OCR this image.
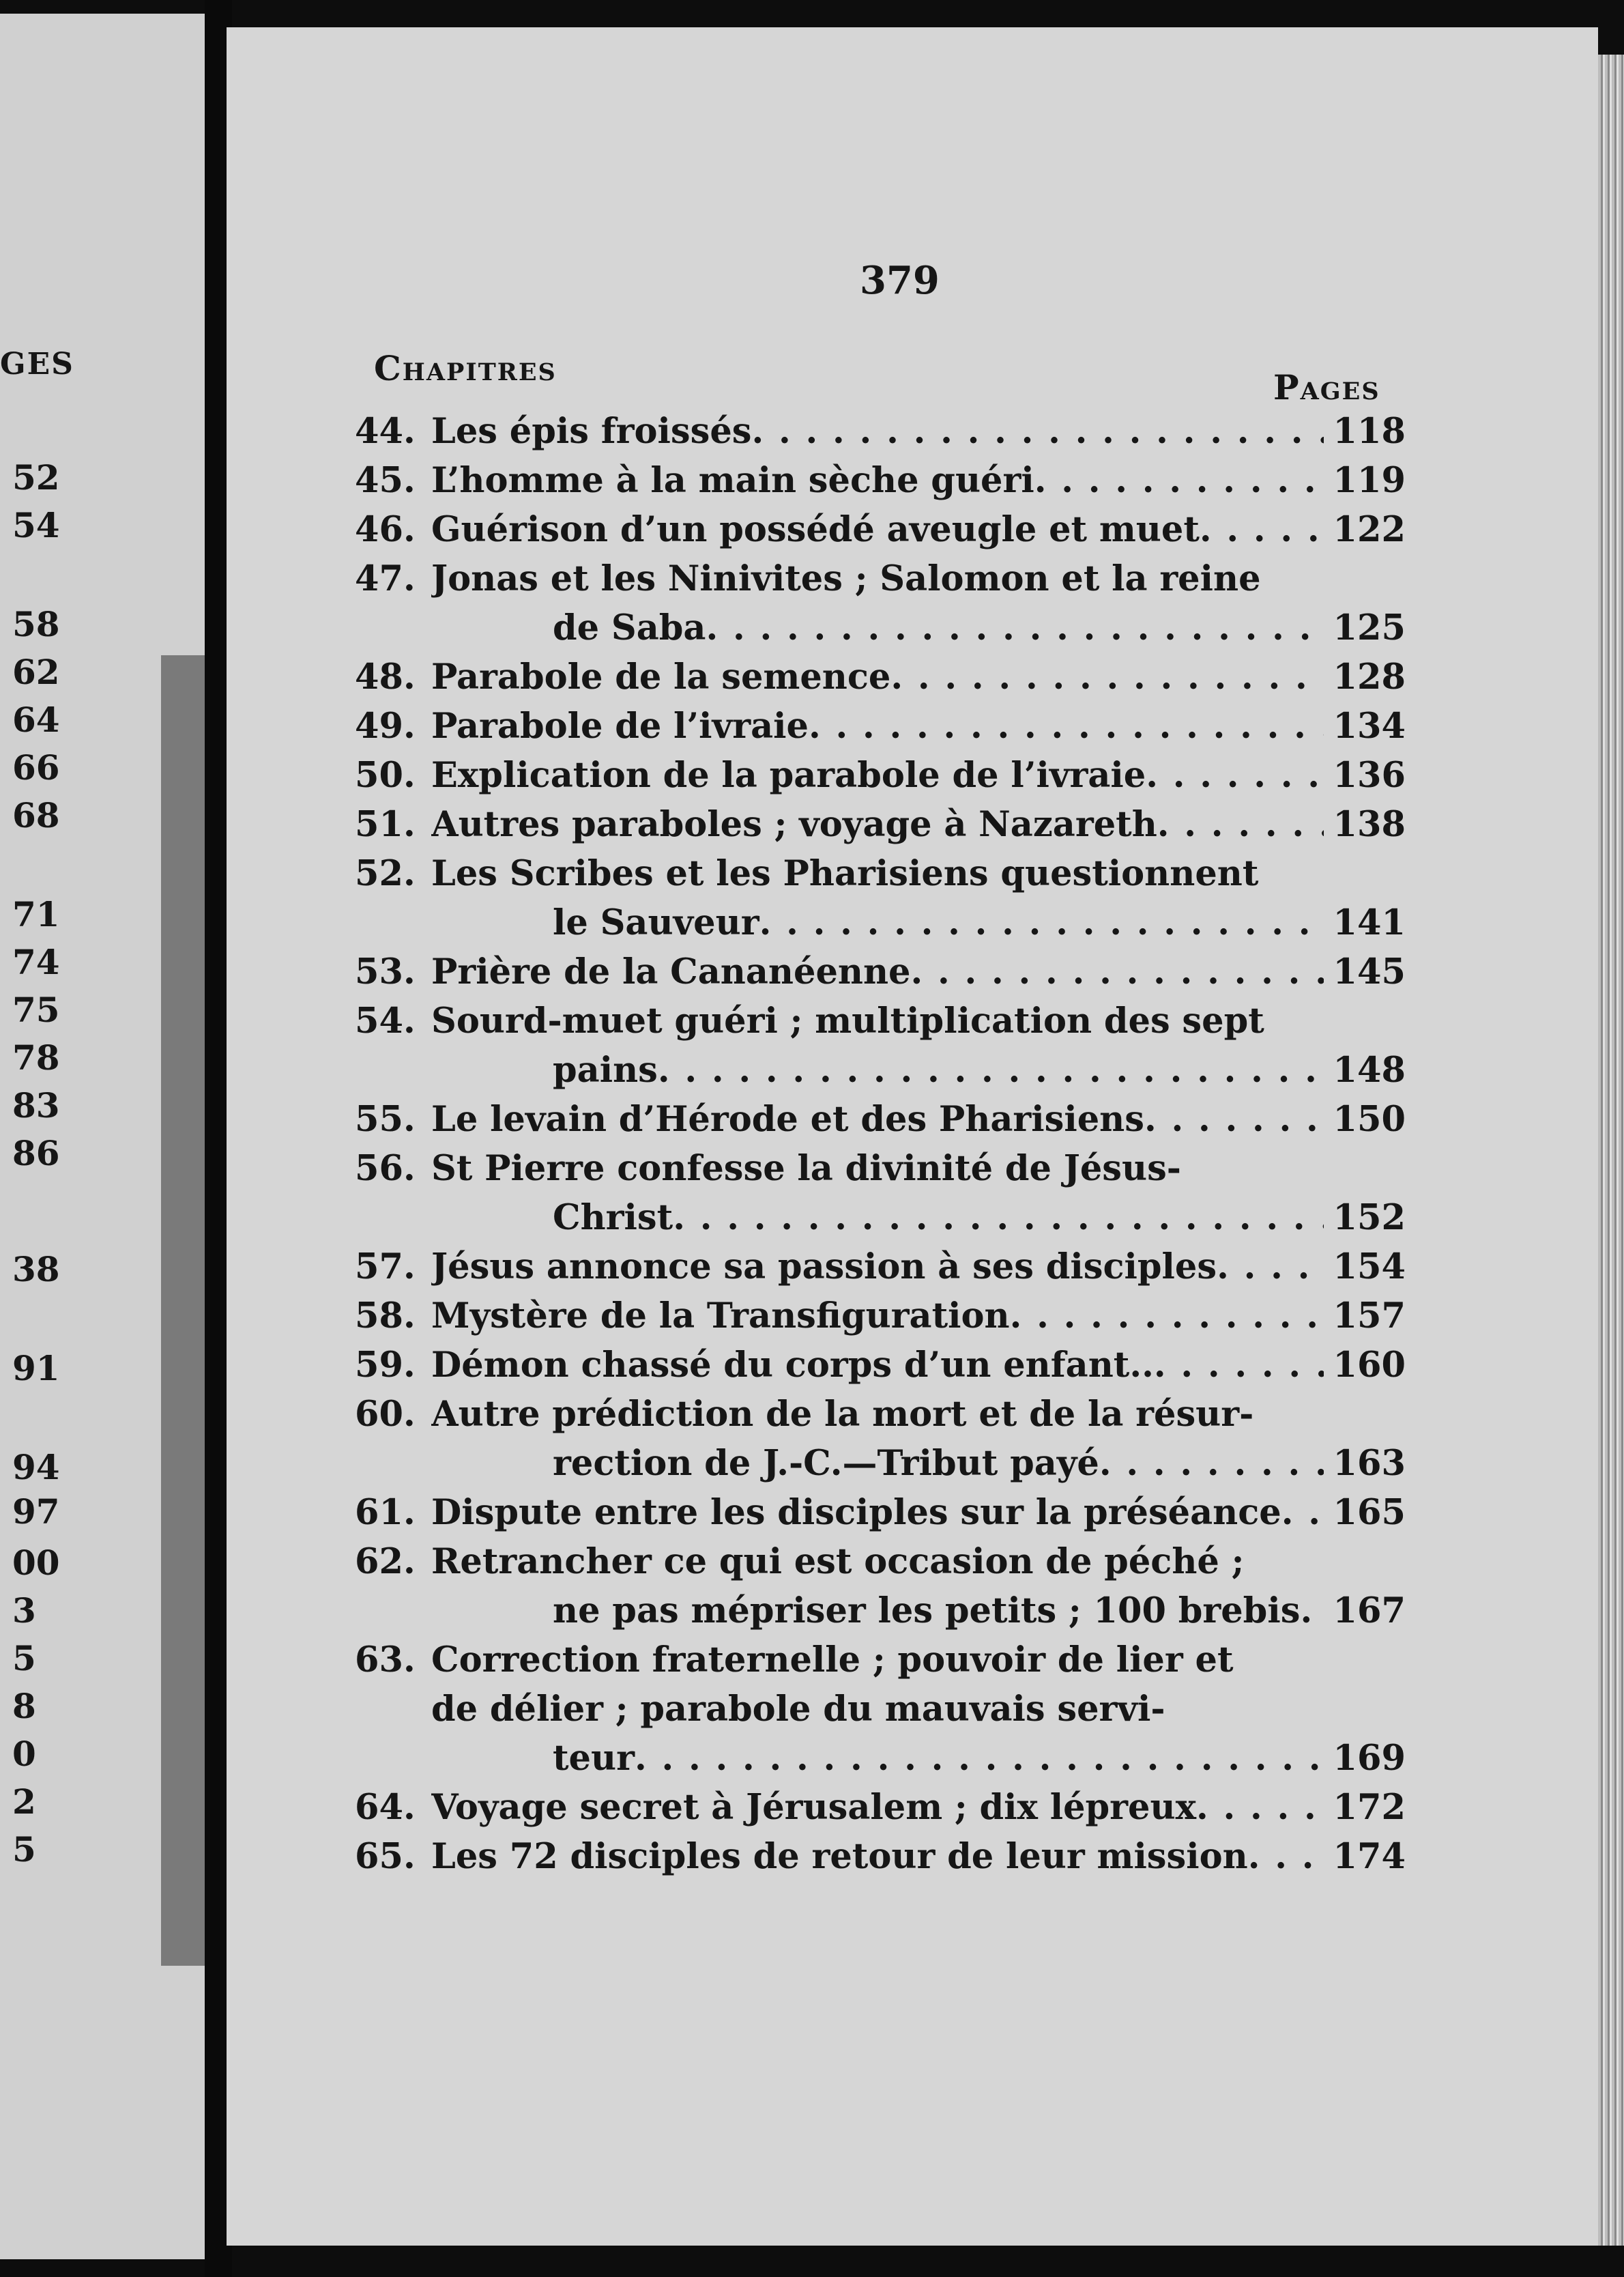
GES
52
54
58
62
64
66
68
71
74
75
78
83
86
38
91
94
97
00
3
5
8
0
2
5
379
Chapitres	Pages
44. Les épis froissés . . .	118
45. L’homme à la main sèche guéri . . .	119
46. Guérison d’un possédé aveugle et muet . . .	122
47. Jonas et les Ninivites ; Salomon et la reine
de Saba . . .	125
48. Parabole de la semence . . .	128
49. Parabole de l’ivraie . . .	134
50. Explication de la parabole de l’ivraie . . .	136
51. Autres paraboles ; voyage à Nazareth . . .	138
52. Les Scribes et les Pharisiens questionnent
le Sauveur . . .	141
53. Prière de la Cananéenne . . .	145
54. Sourd-muet guéri ; multiplication des sept
pains . . .	148
55. Le levain d’Hérode et des Pharisiens . . .	150
56. St Pierre confesse la divinité de Jésus-
Christ . . .	152
57. Jésus annonce sa passion à ses disciples . . .	154
58. Mystère de la Transfiguration . . .	157
59. Démon chassé du corps d’un enfant.. . . .	160
60. Autre prédiction de la mort et de la résur-
rection de J.-C.—Tribut payé . . .	163
61. Dispute entre les disciples sur la préséance . . . 165
62. Retrancher ce qui est occasion de péché ;
ne pas mépriser les petits ; 100 brebis . . . 167
63. Correction fraternelle ; pouvoir de lier et
de délier ; parabole du mauvais servi-
teur . . .	169
64. Voyage secret à Jérusalem ; dix lépreux . . .	172
65. Les 72 disciples de retour de leur mission . . . 174
